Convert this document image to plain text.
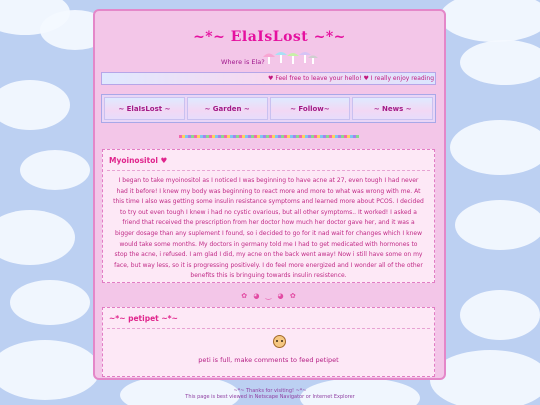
~*~ ElaIsLost ~*~
Where is Ela?
♥ Feel free to leave your hello! ♥ I really enjoy reading
~ ElaIsLost ~	~ Garden ~	~ Follow~	~ News ~
Myoinositol ♥
I began to take myoinositol as I noticed I was beginning to have acne at 27, even tough I had never had it before! I knew my body was beginning to react more and more to what was wrong with me. At this time I also was getting some insulin resistance symptoms and learned more about PCOS. I decided to try out even tough I knew i had no cystic ovarious, but all other symptoms.. It worked! I asked a friend that received the prescription from her doctor how much her doctor gave her, and it was a bigger dosage than any suplement I found, so i decided to go for it nad wait for changes which I knew would take some months. My doctors in germany told me I had to get medicated with hormones to stop the acne, i refused. I am glad I did, my acne on the back went away! Now i still have some on my face, but way less, so it is progressing positively. I do feel more energized and I wonder all of the other benefits this is bringuing towards insulin resistence.
✿ ◕ ‿ ◕ ✿
~*~ petipet ~*~
peti is full, make comments to feed petipet
~*~ Thanks for visiting! ~*~
This page is best viewed in Netscape Navigator or Internet Explorer
